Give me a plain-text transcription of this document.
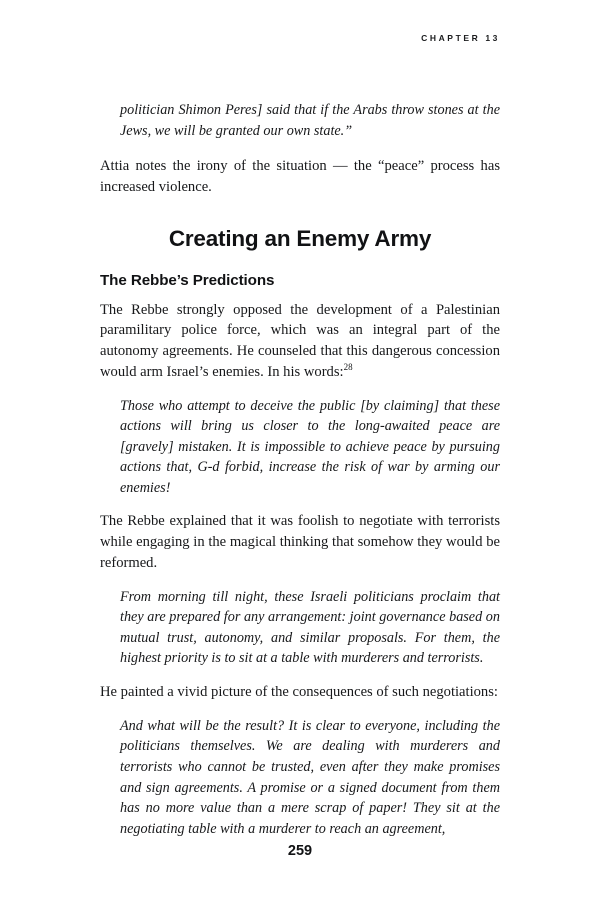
CHAPTER 13

politician Shimon Peres] said that if the Arabs throw stones at the Jews, we will be granted our own state.”

Attia notes the irony of the situation — the “peace” process has increased violence.

Creating an Enemy Army
The Rebbe’s Predictions

The Rebbe strongly opposed the development of a Palestinian paramilitary police force, which was an integral part of the autonomy agreements. He counseled that this dangerous concession would arm Israel’s enemies. In his words:$^{28}$

Those who attempt to deceive the public [by claiming] that these actions will bring us closer to the long-awaited peace are [gravely] mistaken. It is impossible to achieve peace by pursuing actions that, G-d forbid, increase the risk of war by arming our enemies!

The Rebbe explained that it was foolish to negotiate with terrorists while engaging in the magical thinking that somehow they would be reformed.

From morning till night, these Israeli politicians proclaim that they are prepared for any arrangement: joint governance based on mutual trust, autonomy, and similar proposals. For them, the highest priority is to sit at a table with murderers and terrorists.

He painted a vivid picture of the consequences of such negotiations:

And what will be the result? It is clear to everyone, including the politicians themselves. We are dealing with murderers and terrorists who cannot be trusted, even after they make promises and sign agreements. A promise or a signed document from them has no more value than a mere scrap of paper! They sit at the negotiating table with a murderer to reach an agreement,

259
